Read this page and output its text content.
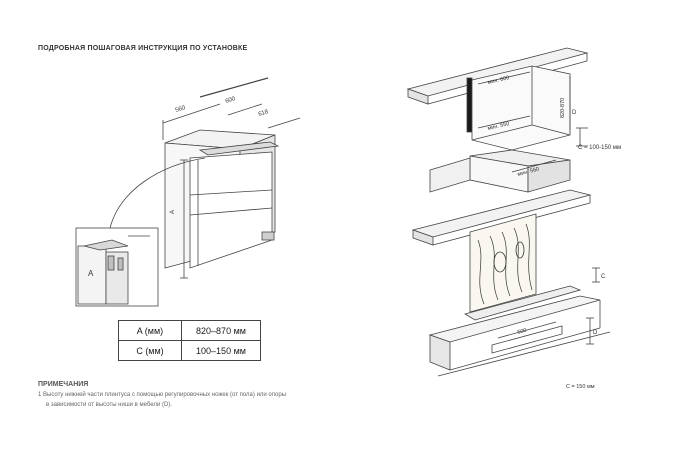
ПОДРОБНАЯ ПОШАГОВАЯ ИНСТРУКЦИЯ ПО УСТАНОВКЕ
560
600
618
A
A
мин. 600
мин. 550
мин. 560
820-870 D
C = 100-150 мм
500
C
D
C = 150 мм
A (мм)	820–870 мм
C (мм)	100–150 мм
ПРИМЕЧАНИЯ
1 Высоту нижней части плинтуса с помощью регулировочных ножек (от пола) или опоры
в зависимости от высоты ниши в мебели (D).
